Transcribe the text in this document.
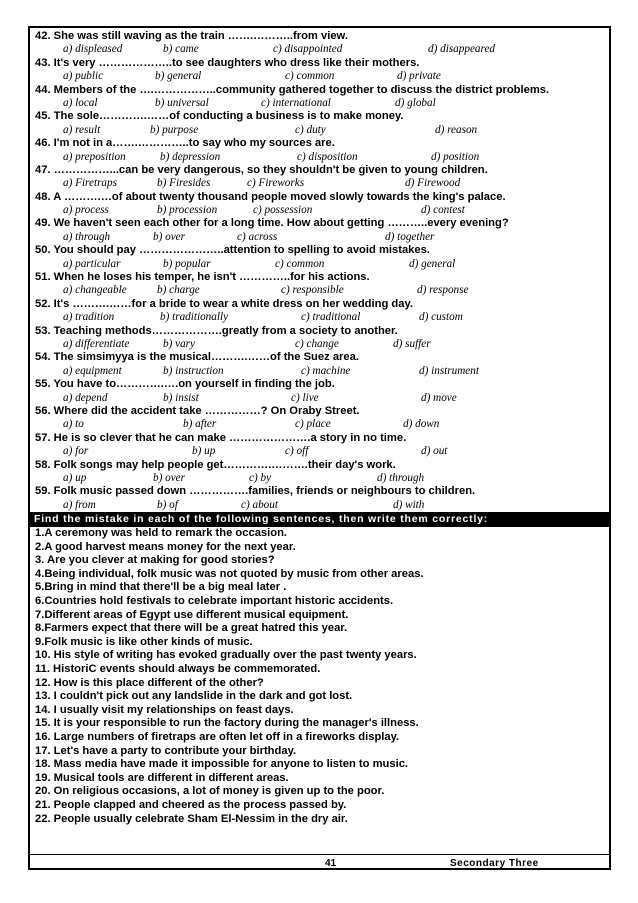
42. She was still waving as the train …….………..from view.
a) displeased	b) came	c) disappointed	d) disappeared
43. It's very ………………..to see daughters who dress like their mothers.
a) public	b) general	c) common	d) private
44. Members of the ….……………..community gathered together to discuss the district problems.
a) local	b) universal	c) international	d) global
45. The sole………….……of conducting a business is to make money.
a) result	b) purpose	c) duty	d) reason
46. I'm not in a…….…………..to say who my sources are.
a) preposition	b) depression	c) disposition	d) position
47. ……………...can be very dangerous, so they shouldn't be given to young children.
a) Firetraps	b) Firesides	c) Fireworks	d) Firewood
48. A ……….…of about twenty thousand people moved slowly towards the king's palace.
a) process	b) procession	c) possession	d) contest
49. We haven't seen each other for a long time. How about getting ………..every evening?
a) through	b) over	c) across	d) together
50. You should pay …………………..attention to spelling to avoid mistakes.
a) particular	b) popular	c) common	d) general
51. When he loses his temper, he isn't …………..for his actions.
a) changeable	b) charge	c) responsible	d) response
52. It's ……….……for a bride to wear a white dress on her wedding day.
a) tradition	b) traditionally	c) traditional	d) custom
53. Teaching methods……………….greatly from a society to another.
a) differentiate	b) vary	c) change	d) suffer
54. The simsimyya is the musical……….……of the Suez area.
a) equipment	b) instruction	c) machine	d) instrument
55. You have to………….….on yourself in finding the job.
a) depend	b) insist	c) live	d) move
56. Where did the accident take ……………? On Oraby Street.
a) to	b) after	c) place	d) down
57. He is so clever that he can make ………………….a story in no time.
a) for	b) up	c) off	d) out
58. Folk songs may help people get………….……….their day's work.
a) up	b) over	c) by	d) through
59. Folk music passed down …………….families, friends or neighbours to children.
a) from	b) of	c) about	d) with
Find the mistake in each of the following sentences, then write them correctly:
1.A ceremony was held to remark the occasion.
2.A good harvest means money for the next year.
3. Are you clever at making for good stories?
4.Being individual, folk music was not quoted by music from other areas.
5.Bring in mind that there'll be a big meal later .
6.Countries hold festivals to celebrate important historic accidents.
7.Different areas of Egypt use different musical equipment.
8.Farmers expect that there will be a great hatred this year.
9.Folk music is like other kinds of music.
10. His style of writing has evoked gradually over the past twenty years.
11. HistoriC events should always be commemorated.
12. How is this place different of the other?
13. I couldn't pick out any landslide in the dark and got lost.
14. I usually visit my relationships on feast days.
15. It is your responsible to run the factory during the manager's illness.
16. Large numbers of firetraps are often let off in a fireworks display.
17. Let's have a party to contribute your birthday.
18. Mass media have made it impossible for anyone to listen to music.
19. Musical tools are different in different areas.
20. On religious occasions, a lot of money is given up to the poor.
21. People clapped and cheered as the process passed by.
22. People usually celebrate Sham El-Nessim in the dry air.
41	Secondary Three
